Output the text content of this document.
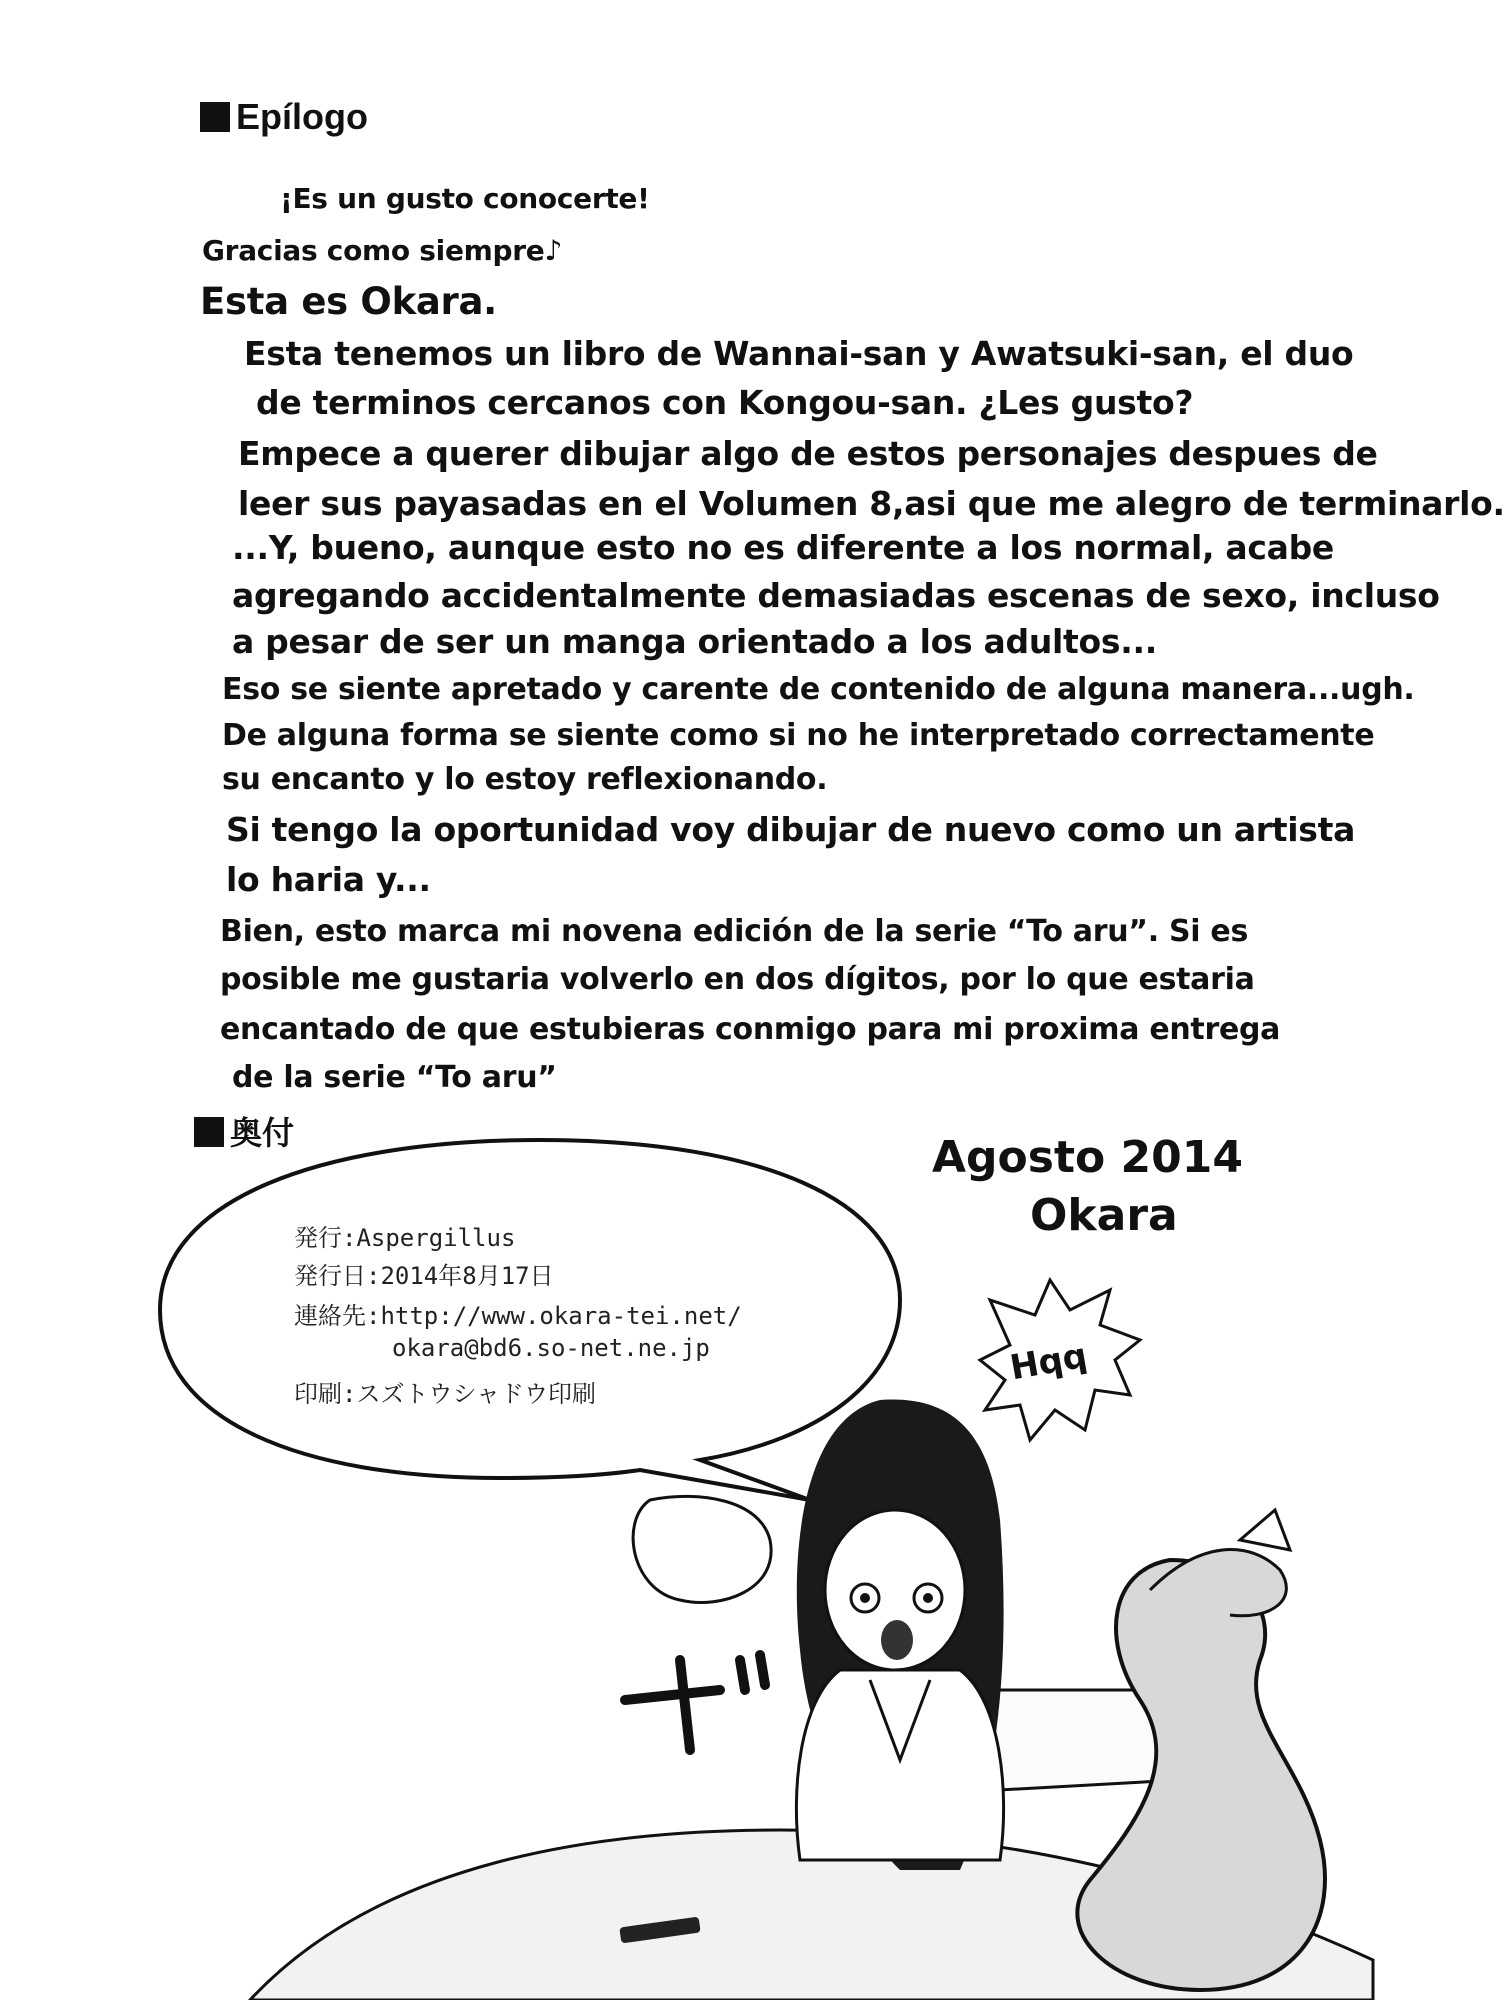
Epílogo
¡Es un gusto conocerte!
Gracias como siempre♪
Esta es Okara.
Esta tenemos un libro de Wannai-san y Awatsuki-san, el duo
de terminos cercanos con Kongou-san. ¿Les gusto?
Empece a querer dibujar algo de estos personajes despues de
leer sus payasadas en el Volumen 8,asi que me alegro de terminarlo.
...Y, bueno, aunque esto no es diferente a los normal, acabe
agregando accidentalmente demasiadas escenas de sexo, incluso
a pesar de ser un manga orientado a los adultos...
Eso se siente apretado y carente de contenido de alguna manera...ugh.
De alguna forma se siente como si no he interpretado correctamente
su encanto y lo estoy reflexionando.
Si tengo la oportunidad voy dibujar de nuevo como un artista
lo haria y...
Bien, esto marca mi novena edición de la serie “To aru”. Si es
posible me gustaria volverlo en dos dígitos, por lo que estaria
encantado de que estubieras conmigo para mi proxima entrega
de la serie “To aru”
奥付
発行:Aspergillus
発行日:2014年8月17日
連絡先:http://www.okara-tei.net/
okara@bd6.so-net.ne.jp
印刷:スズトウシャドウ印刷
Agosto 2014
Okara
Hqq
